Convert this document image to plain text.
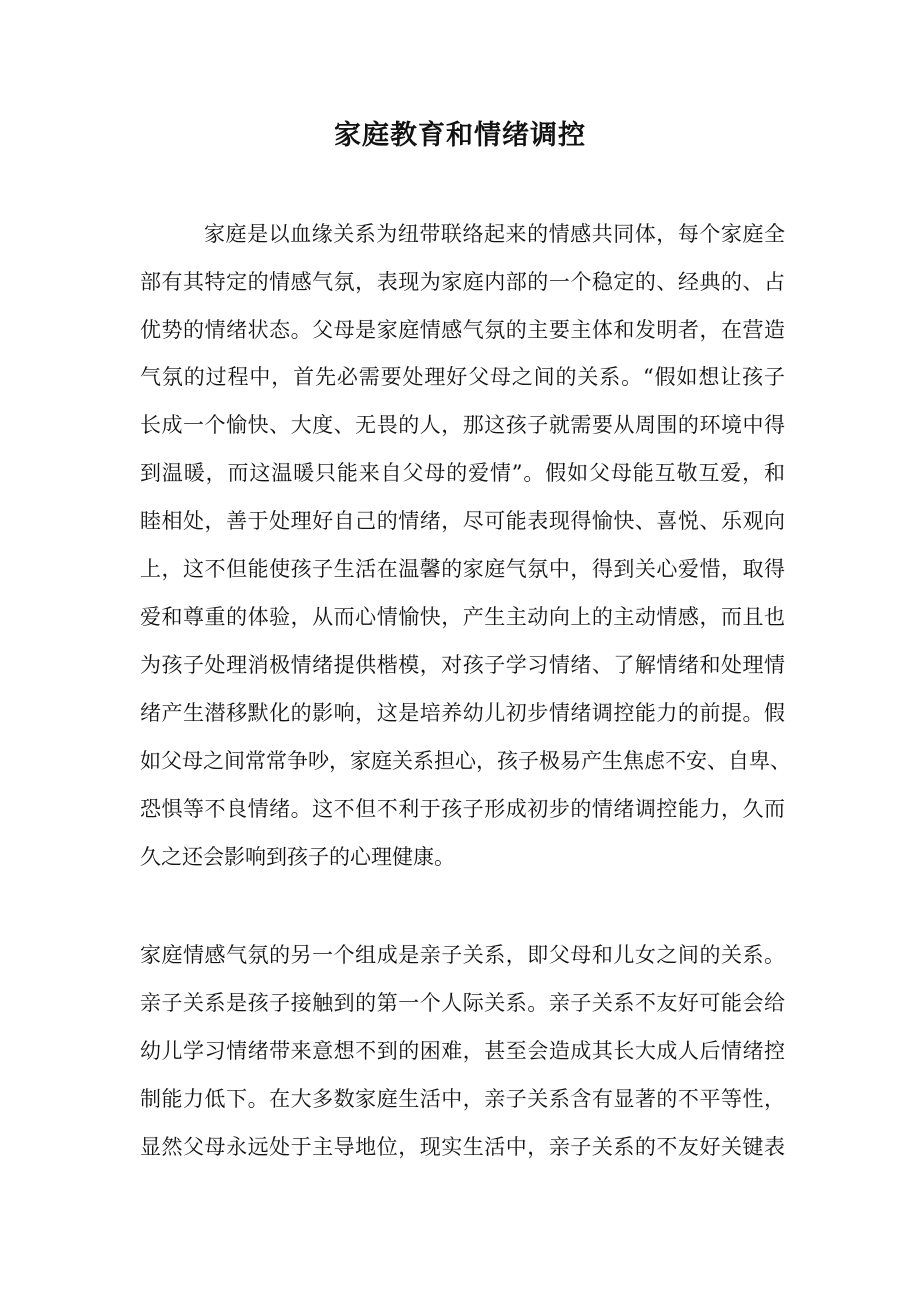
家庭教育和情绪调控
家庭是以血缘关系为纽带联络起来的情感共同体，每个家庭全
部有其特定的情感气氛，表现为家庭内部的一个稳定的、经典的、占
优势的情绪状态。父母是家庭情感气氛的主要主体和发明者，在营造
气氛的过程中，首先必需要处理好父母之间的关系。“假如想让孩子
长成一个愉快、大度、无畏的人，那这孩子就需要从周围的环境中得
到温暖，而这温暖只能来自父母的爱情”。假如父母能互敬互爱，和
睦相处，善于处理好自己的情绪，尽可能表现得愉快、喜悦、乐观向
上，这不但能使孩子生活在温馨的家庭气氛中，得到关心爱惜，取得
爱和尊重的体验，从而心情愉快，产生主动向上的主动情感，而且也
为孩子处理消极情绪提供楷模，对孩子学习情绪、了解情绪和处理情
绪产生潜移默化的影响，这是培养幼儿初步情绪调控能力的前提。假
如父母之间常常争吵，家庭关系担心，孩子极易产生焦虑不安、自卑、
恐惧等不良情绪。这不但不利于孩子形成初步的情绪调控能力，久而
久之还会影响到孩子的心理健康。
家庭情感气氛的另一个组成是亲子关系，即父母和儿女之间的关系。
亲子关系是孩子接触到的第一个人际关系。亲子关系不友好可能会给
幼儿学习情绪带来意想不到的困难，甚至会造成其长大成人后情绪控
制能力低下。在大多数家庭生活中，亲子关系含有显著的不平等性，
显然父母永远处于主导地位，现实生活中，亲子关系的不友好关键表
